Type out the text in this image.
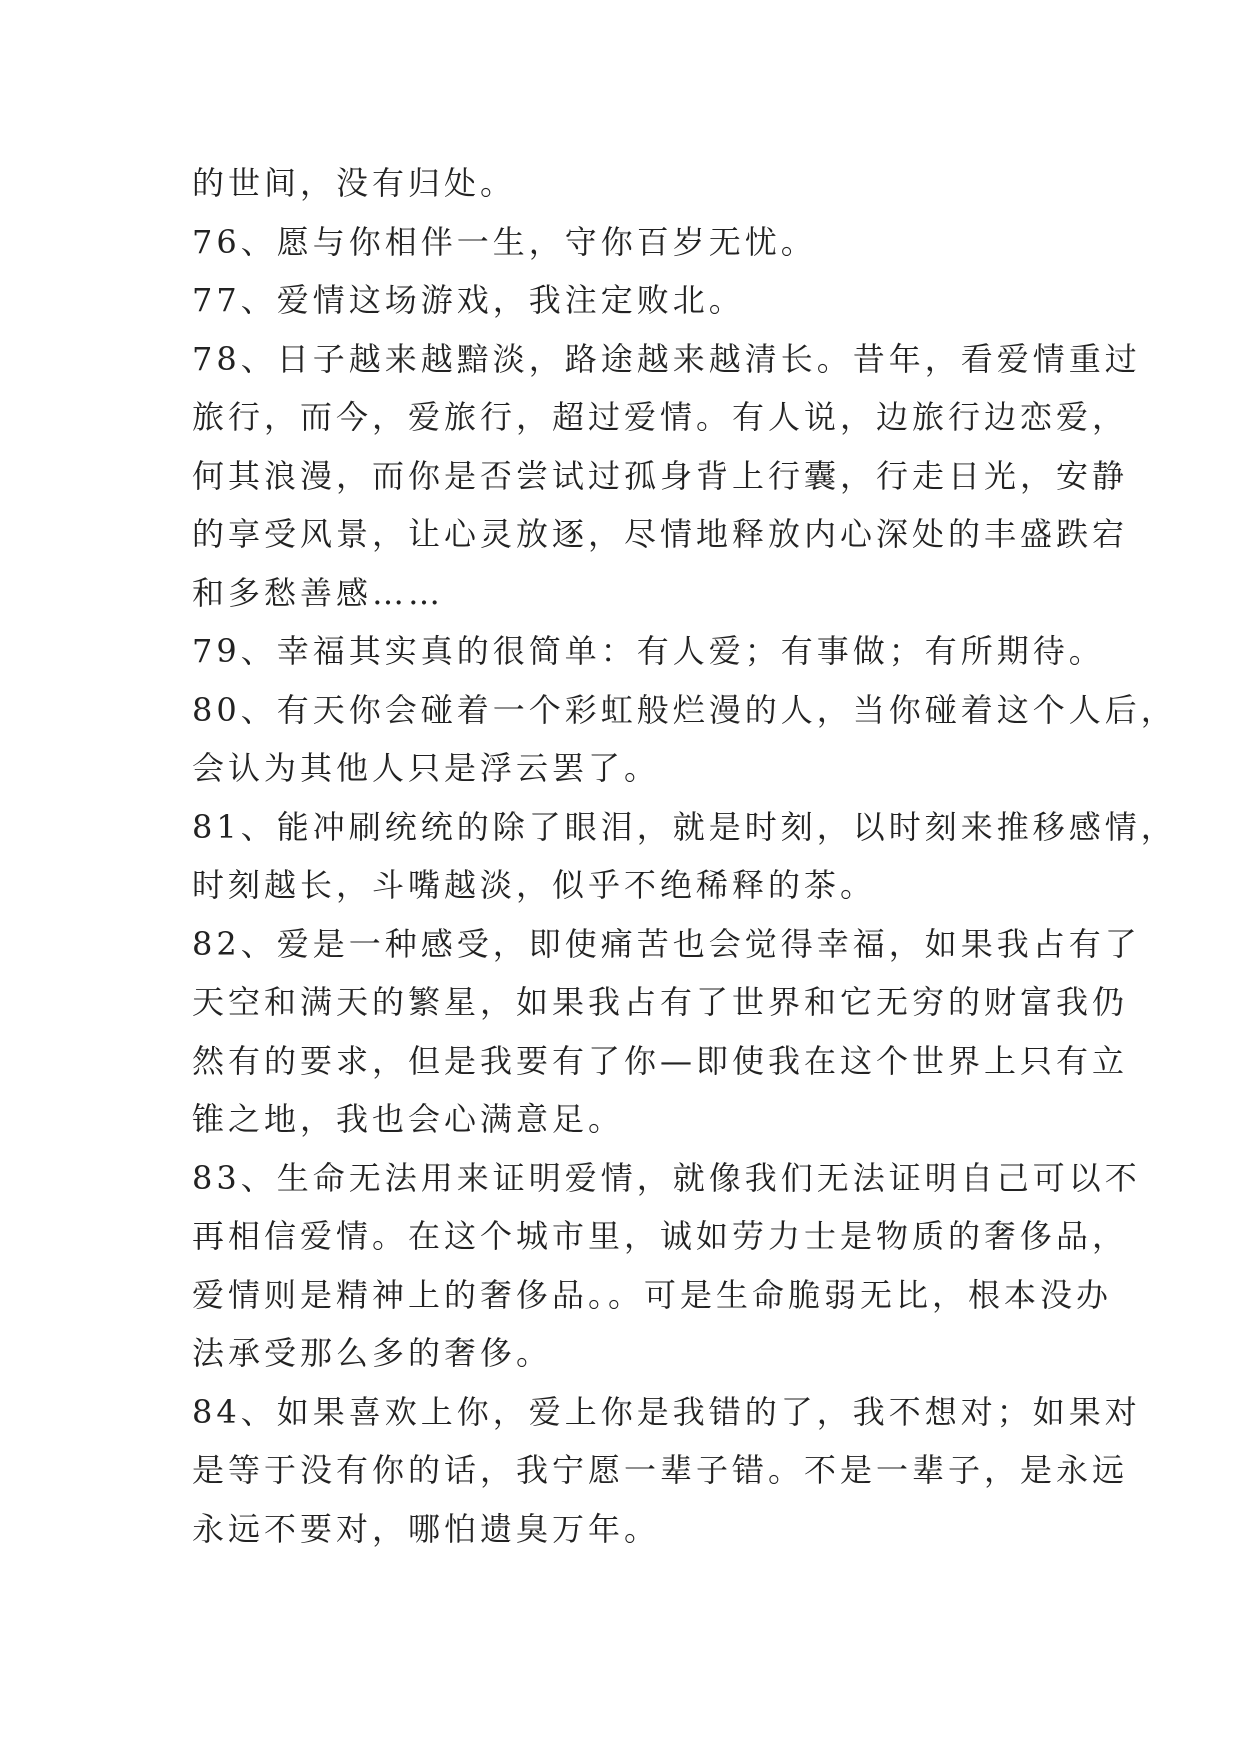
的世间，没有归处。
76、愿与你相伴一生，守你百岁无忧。
77、爱情这场游戏，我注定败北。
78、日子越来越黯淡，路途越来越清长。昔年，看爱情重过
旅行，而今，爱旅行，超过爱情。有人说，边旅行边恋爱，
何其浪漫，而你是否尝试过孤身背上行囊，行走日光，安静
的享受风景，让心灵放逐，尽情地释放内心深处的丰盛跌宕
和多愁善感……
79、幸福其实真的很简单：有人爱；有事做；有所期待。
80、有天你会碰着一个彩虹般烂漫的人，当你碰着这个人后，
会认为其他人只是浮云罢了。
81、能冲刷统统的除了眼泪，就是时刻，以时刻来推移感情，
时刻越长，斗嘴越淡，似乎不绝稀释的茶。
82、爱是一种感受，即使痛苦也会觉得幸福，如果我占有了
天空和满天的繁星，如果我占有了世界和它无穷的财富我仍
然有的要求，但是我要有了你—即使我在这个世界上只有立
锥之地，我也会心满意足。
83、生命无法用来证明爱情，就像我们无法证明自己可以不
再相信爱情。在这个城市里，诚如劳力士是物质的奢侈品，
爱情则是精神上的奢侈品。。可是生命脆弱无比，根本没办
法承受那么多的奢侈。
84、如果喜欢上你，爱上你是我错的了，我不想对；如果对
是等于没有你的话，我宁愿一辈子错。不是一辈子，是永远
永远不要对，哪怕遗臭万年。
